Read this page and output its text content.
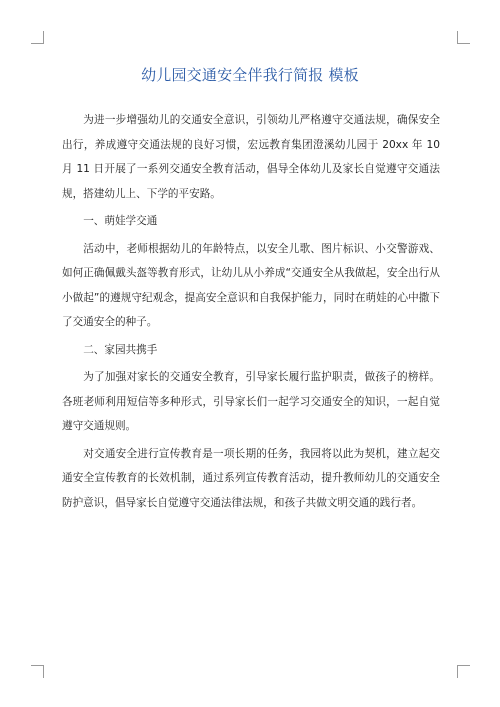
幼儿园交通安全伴我行简报 模板

为进一步增强幼儿的交通安全意识，引领幼儿严格遵守交通法规，确保安全出行，养成遵守交通法规的良好习惯，宏远教育集团澄溪幼儿园于 20xx 年 10 月 11 日开展了一系列交通安全教育活动，倡导全体幼儿及家长自觉遵守交通法规，搭建幼儿上、下学的平安路。

一、萌娃学交通

活动中，老师根据幼儿的年龄特点，以安全儿歌、图片标识、小交警游戏、如何正确佩戴头盔等教育形式，让幼儿从小养成“交通安全从我做起，安全出行从小做起”的遵规守纪观念，提高安全意识和自我保护能力，同时在萌娃的心中撒下了交通安全的种子。

二、家园共携手

为了加强对家长的交通安全教育，引导家长履行监护职责，做孩子的榜样。各班老师利用短信等多种形式，引导家长们一起学习交通安全的知识，一起自觉遵守交通规则。

对交通安全进行宣传教育是一项长期的任务，我园将以此为契机，建立起交通安全宣传教育的长效机制，通过系列宣传教育活动，提升教师幼儿的交通安全防护意识，倡导家长自觉遵守交通法律法规，和孩子共做文明交通的践行者。
